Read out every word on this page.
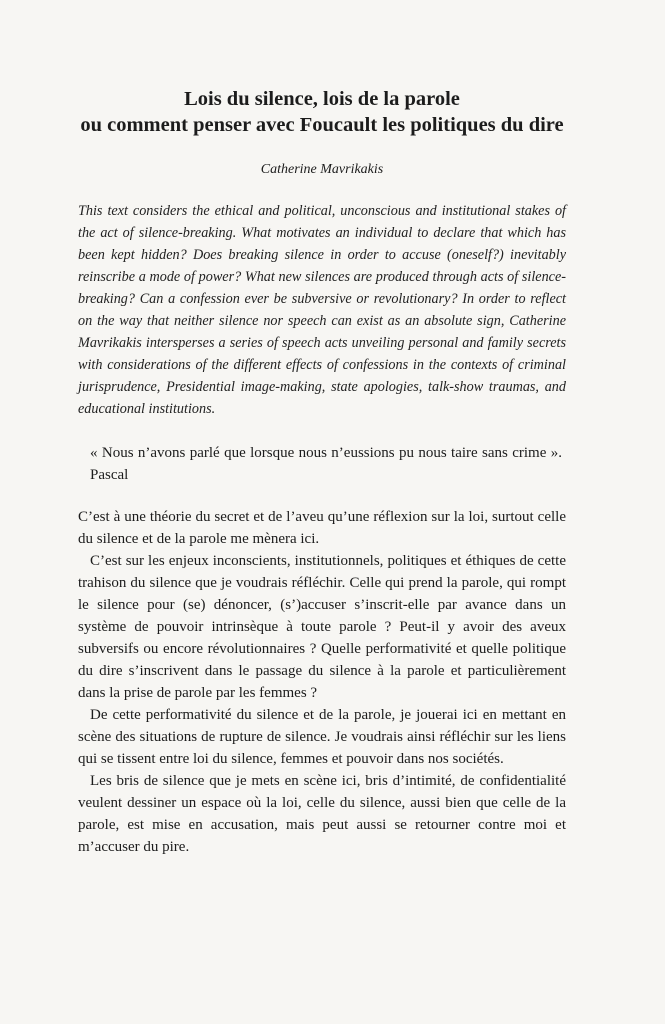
Lois du silence, lois de la parole
ou comment penser avec Foucault les politiques du dire
Catherine Mavrikakis
This text considers the ethical and political, unconscious and institutional stakes of the act of silence-breaking. What motivates an individual to declare that which has been kept hidden? Does breaking silence in order to accuse (oneself?) inevitably reinscribe a mode of power? What new silences are produced through acts of silence-breaking? Can a confession ever be subversive or revolutionary? In order to reflect on the way that neither silence nor speech can exist as an absolute sign, Catherine Mavrikakis intersperses a series of speech acts unveiling personal and family secrets with considerations of the different effects of confessions in the contexts of criminal jurisprudence, Presidential image-making, state apologies, talk-show traumas, and educational institutions.
« Nous n’avons parlé que lorsque nous n’eussions pu nous taire sans crime ». Pascal

C’est à une théorie du secret et de l’aveu qu’une réflexion sur la loi, surtout celle du silence et de la parole me mènera ici.

C’est sur les enjeux inconscients, institutionnels, politiques et éthiques de cette trahison du silence que je voudrais réfléchir. Celle qui prend la parole, qui rompt le silence pour (se) dénoncer, (s’)accuser s’inscrit-elle par avance dans un système de pouvoir intrinsèque à toute parole ? Peut-il y avoir des aveux subversifs ou encore révolutionnaires ? Quelle performativité et quelle politique du dire s’inscrivent dans le passage du silence à la parole et particulièrement dans la prise de parole par les femmes ?

De cette performativité du silence et de la parole, je jouerai ici en mettant en scène des situations de rupture de silence. Je voudrais ainsi réfléchir sur les liens qui se tissent entre loi du silence, femmes et pouvoir dans nos sociétés.

Les bris de silence que je mets en scène ici, bris d’intimité, de confidentialité veulent dessiner un espace où la loi, celle du silence, aussi bien que celle de la parole, est mise en accusation, mais peut aussi se retourner contre moi et m’accuser du pire.
